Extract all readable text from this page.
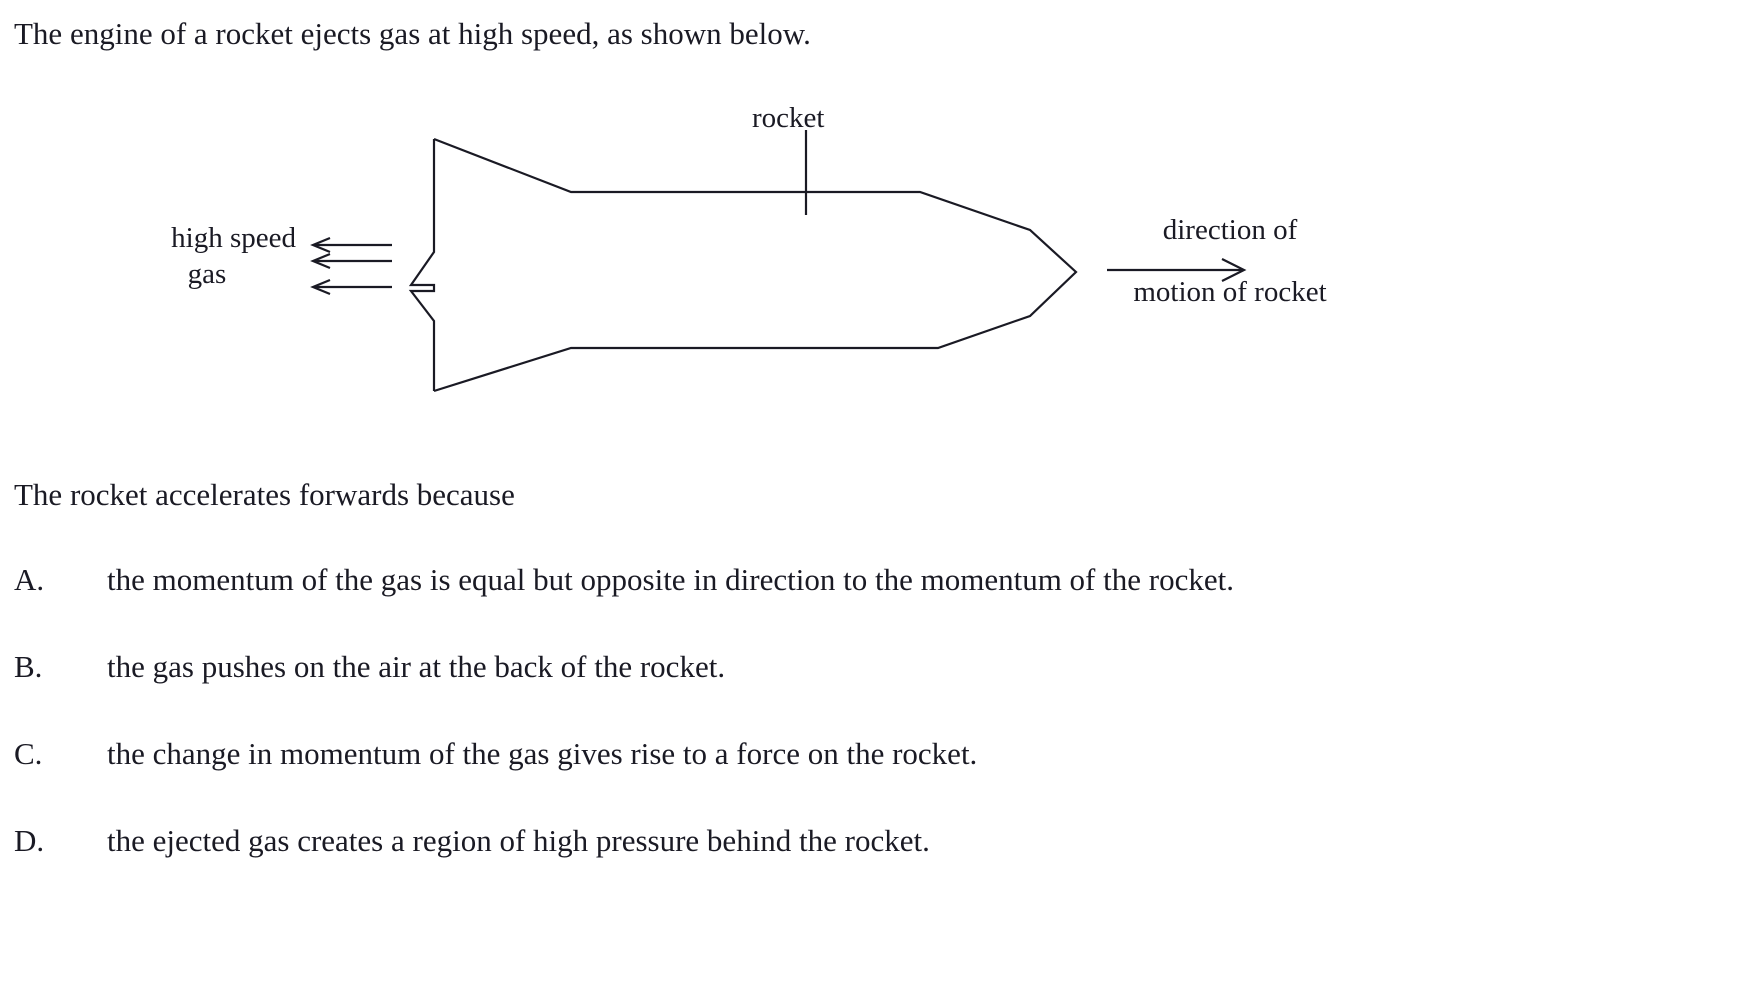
The engine of a rocket ejects gas at high speed, as shown below.
rocket
high speed
gas
direction of
motion of rocket
The rocket accelerates forwards because
A.	the momentum of the gas is equal but opposite in direction to the momentum of the rocket.
B.	the gas pushes on the air at the back of the rocket.
C.	the change in momentum of the gas gives rise to a force on the rocket.
D.	the ejected gas creates a region of high pressure behind the rocket.
